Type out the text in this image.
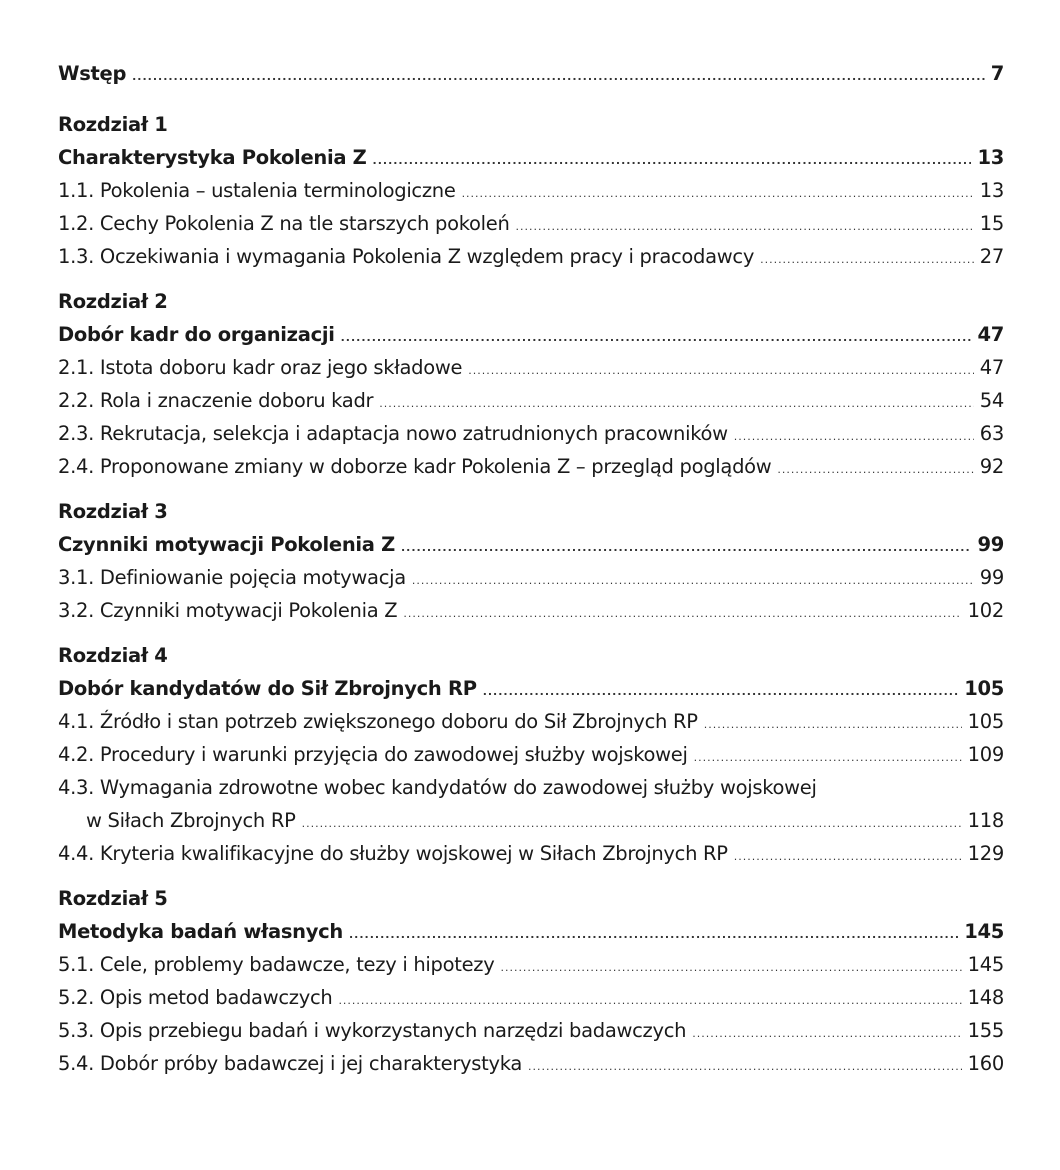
Wstęp .....	7
Rozdział 1
Charakterystyka Pokolenia Z .....	13
1.1. Pokolenia – ustalenia terminologiczne .....	13
1.2. Cechy Pokolenia Z na tle starszych pokoleń .....	15
1.3. Oczekiwania i wymagania Pokolenia Z względem pracy i pracodawcy .....	27
Rozdział 2
Dobór kadr do organizacji .....	47
2.1. Istota doboru kadr oraz jego składowe .....	47
2.2. Rola i znaczenie doboru kadr .....	54
2.3. Rekrutacja, selekcja i adaptacja nowo zatrudnionych pracowników .....	63
2.4. Proponowane zmiany w doborze kadr Pokolenia Z – przegląd poglądów .....	92
Rozdział 3
Czynniki motywacji Pokolenia Z .....	99
3.1. Definiowanie pojęcia motywacja .....	99
3.2. Czynniki motywacji Pokolenia Z .....	102
Rozdział 4
Dobór kandydatów do Sił Zbrojnych RP .....	105
4.1. Źródło i stan potrzeb zwiększonego doboru do Sił Zbrojnych RP .....	105
4.2. Procedury i warunki przyjęcia do zawodowej służby wojskowej .....	109
4.3. Wymagania zdrowotne wobec kandydatów do zawodowej służby wojskowej
w Siłach Zbrojnych RP .....	118
4.4. Kryteria kwalifikacyjne do służby wojskowej w Siłach Zbrojnych RP .....	129
Rozdział 5
Metodyka badań własnych .....	145
5.1. Cele, problemy badawcze, tezy i hipotezy .....	145
5.2. Opis metod badawczych .....	148
5.3. Opis przebiegu badań i wykorzystanych narzędzi badawczych .....	155
5.4. Dobór próby badawczej i jej charakterystyka .....	160
